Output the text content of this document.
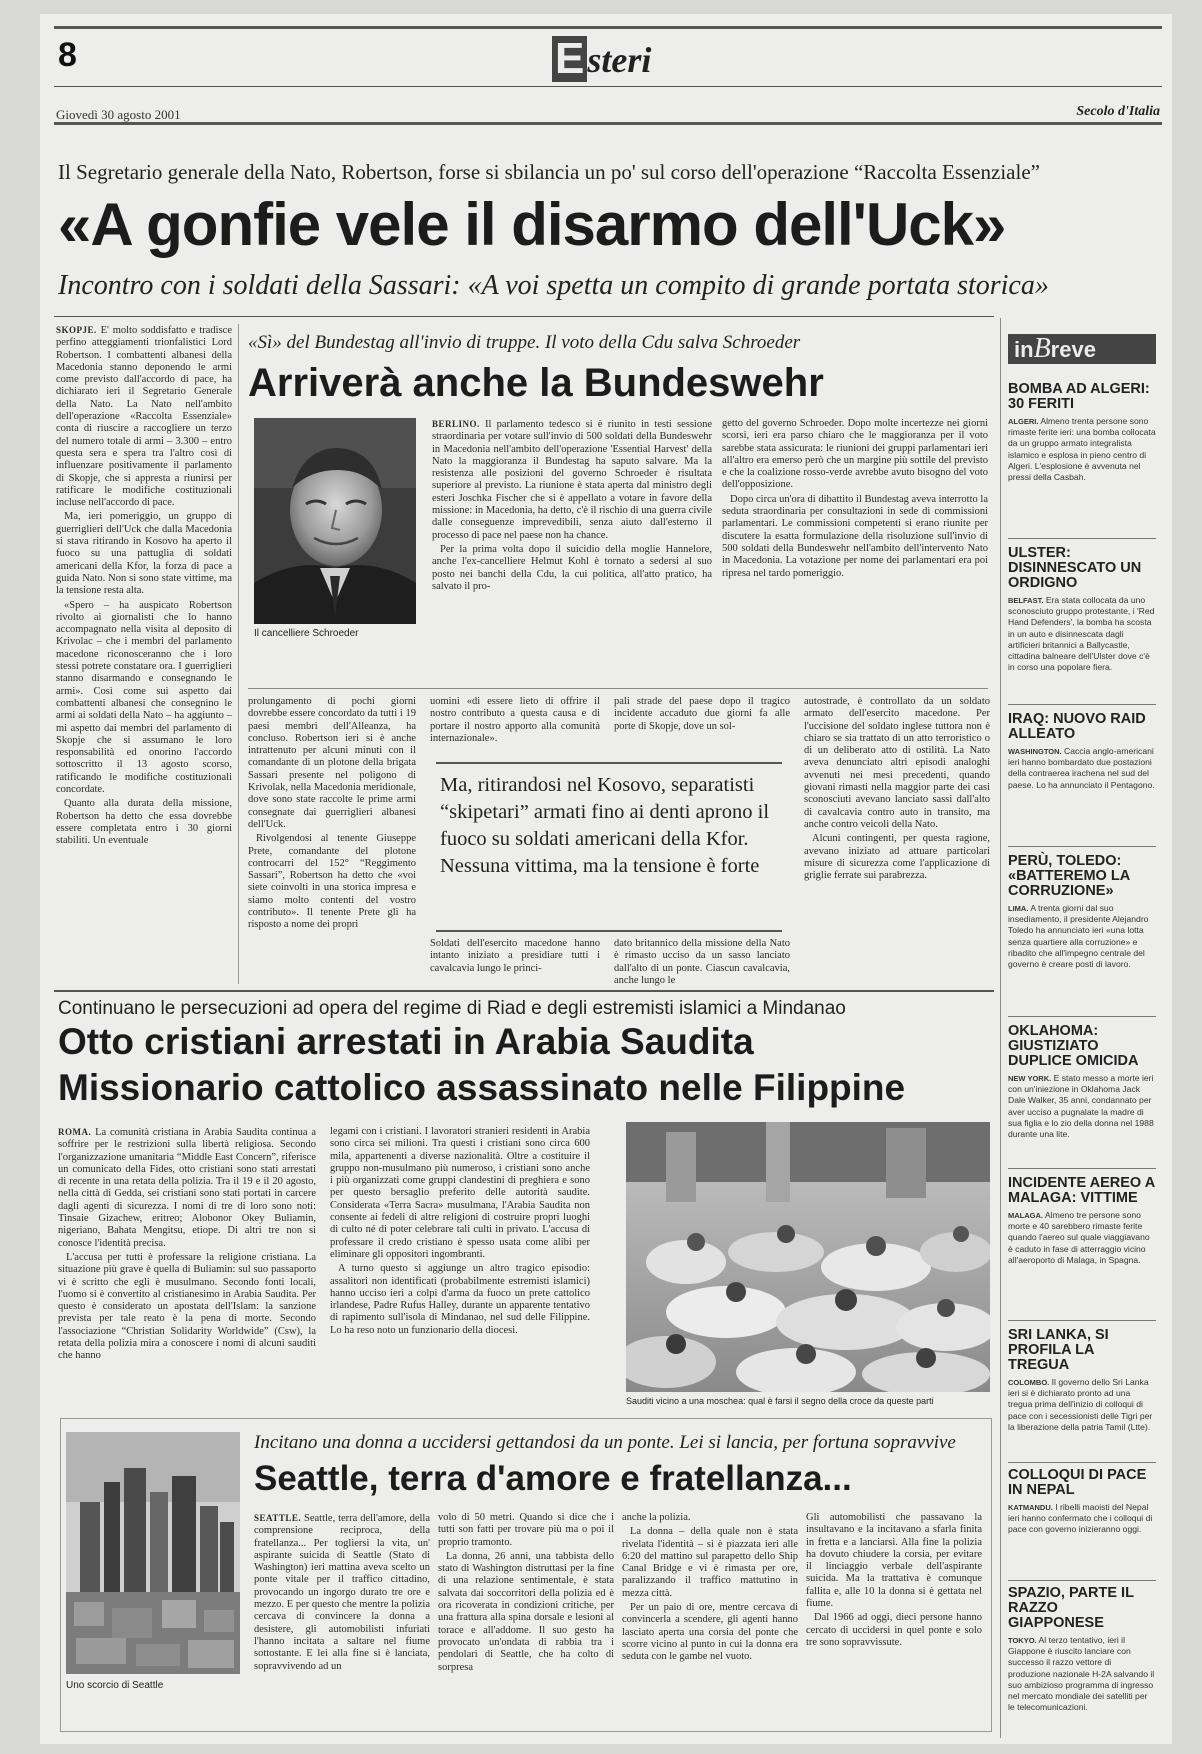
8	Esteri
Giovedì 30 agosto 2001	Secolo d'Italia
Il Segretario generale della Nato, Robertson, forse si sbilancia un po' sul corso dell'operazione “Raccolta Essenziale”
«A gonfie vele il disarmo dell'Uck»
Incontro con i soldati della Sassari: «A voi spetta un compito di grande portata storica»

SKOPJE. E' molto soddisfatto e tradisce perfino atteggiamenti trionfalistici Lord Robertson. I combattenti albanesi della Macedonia stanno deponendo le armi come previsto dall'accordo di pace, ha dichiarato ieri il Segretario Generale della Nato. La Nato nell'ambito dell'operazione «Raccolta Essenziale» conta di riuscire a raccogliere un terzo del numero totale di armi – 3.300 – entro questa sera e spera tra l'altro così di influenzare positivamente il parlamento di Skopje, che si appresta a riunirsi per ratificare le modifiche costituzionali incluse nell'accordo di pace.

Ma, ieri pomeriggio, un gruppo di guerriglieri dell'Uck che dalla Macedonia si stava ritirando in Kosovo ha aperto il fuoco su una pattuglia di soldati americani della Kfor, la forza di pace a guida Nato. Non si sono state vittime, ma la tensione resta alta.

«Spero – ha auspicato Robertson rivolto ai giornalisti che lo hanno accompagnato nella visita al deposito di Krivolac – che i membri del parlamento macedone riconosceranno che i loro stessi potrete constatare ora. I guerriglieri stanno disarmando e consegnando le armi». Così come sui aspetto dai combattenti albanesi che consegnino le armi ai soldati della Nato – ha aggiunto – mi aspetto dai membri del parlamento di Skopje che si assumano le loro responsabilità ed onorino l'accordo sottoscritto il 13 agosto scorso, ratificando le modifiche costituzionali concordate.

Quanto alla durata della missione, Robertson ha detto che essa dovrebbe essere completata entro i 30 giorni stabiliti. Un eventuale

«Sì» del Bundestag all'invio di truppe. Il voto della Cdu salva Schroeder
Arriverà anche la Bundeswehr
Il cancelliere Schroeder

BERLINO. Il parlamento tedesco si è riunito in testi sessione straordinaria per votare sull'invio di 500 soldati della Bundeswehr in Macedonia nell'ambito dell'operazione 'Essential Harvest' della Nato la maggioranza il Bundestag ha saputo salvare. Ma la resistenza alle posizioni del governo Schroeder è risultata superiore al previsto. La riunione è stata aperta dal ministro degli esteri Joschka Fischer che si è appellato a votare in favore della missione: in Macedonia, ha detto, c'è il rischio di una guerra civile dalle conseguenze imprevedibili, senza aiuto dall'esterno il processo di pace nel paese non ha chance.

Per la prima volta dopo il suicidio della moglie Hannelore, anche l'ex-cancelliere Helmut Kohl è tornato a sedersi al suo posto nei banchi della Cdu, la cui politica, all'atto pratico, ha salvato il pro-

getto del governo Schroeder. Dopo molte incertezze nei giorni scorsi, ieri era parso chiaro che le maggioranza per il voto sarebbe stata assicurata: le riunioni dei gruppi parlamentari ieri all'altro era emerso però che un margine più sottile del previsto e che la coalizione rosso-verde avrebbe avuto bisogno del voto dell'opposizione.

Dopo circa un'ora di dibattito il Bundestag aveva interrotto la seduta straordinaria per consultazioni in sede di commissioni parlamentari. Le commissioni competenti si erano riunite per discutere la esatta formulazione della risoluzione sull'invio di 500 soldati della Bundeswehr nell'ambito dell'intervento Nato in Macedonia. La votazione per nome dei parlamentari era poi ripresa nel tardo pomeriggio.

prolungamento di pochi giorni dovrebbe essere concordato da tutti i 19 paesi membri dell'Alleanza, ha concluso. Robertson ieri si è anche intrattenuto per alcuni minuti con il comandante di un plotone della brigata Sassari presente nel poligono di Krivolak, nella Macedonia meridionale, dove sono state raccolte le prime armi consegnate dai guerriglieri albanesi dell'Uck.

Rivolgendosi al tenente Giuseppe Prete, comandante del plotone controcarri del 152° “Reggimento Sassari”, Robertson ha detto che «voi siete coinvolti in una storica impresa e siamo molto contenti del vostro contributo». Il tenente Prete gli ha risposto a nome dei propri

uomini «di essere lieto di offrire il nostro contributo a questa causa e di portare il nostro apporto alla comunità internazionale».

pali strade del paese dopo il tragico incidente accaduto due giorni fa alle porte di Skopje, dove un sol-

Ma, ritirandosi nel Kosovo, separatisti “skipetari” armati fino ai denti aprono il fuoco su soldati americani della Kfor. Nessuna vittima, ma la tensione è forte

Soldati dell'esercito macedone hanno intanto iniziato a presidiare tutti i cavalcavia lungo le princi-

dato britannico della missione della Nato è rimasto ucciso da un sasso lanciato dall'alto di un ponte. Ciascun cavalcavia, anche lungo le

autostrade, è controllato da un soldato armato dell'esercito macedone. Per l'uccisione del soldato inglese tuttora non è chiaro se sia trattato di un atto terroristico o di un deliberato atto di ostilità. La Nato aveva denunciato altri episodi analoghi avvenuti nei mesi precedenti, quando giovani rimasti nella maggior parte dei casi sconosciuti avevano lanciato sassi dall'alto di cavalcavia contro auto in transito, ma anche contro veicoli della Nato.

Alcuni contingenti, per questa ragione, avevano iniziato ad attuare particolari misure di sicurezza come l'applicazione di griglie ferrate sui parabrezza.

Continuano le persecuzioni ad opera del regime di Riad e degli estremisti islamici a Mindanao
Otto cristiani arrestati in Arabia Saudita
Missionario cattolico assassinato nelle Filippine

ROMA. La comunità cristiana in Arabia Saudita continua a soffrire per le restrizioni sulla libertà religiosa. Secondo l'organizzazione umanitaria “Middle East Concern”, riferisce un comunicato della Fides, otto cristiani sono stati arrestati di recente in una retata della polizia. Tra il 19 e il 20 agosto, nella città di Gedda, sei cristiani sono stati portati in carcere dagli agenti di sicurezza. I nomi di tre di loro sono noti: Tinsaie Gizachew, eritreo; Alobonor Okey Buliamin, nigeriano, Bahata Mengitsu, etiope. Di altri tre non si conosce l'identità precisa.

L'accusa per tutti è professare la religione cristiana. La situazione più grave è quella di Buliamin: sul suo passaporto vi è scritto che egli è musulmano. Secondo fonti locali, l'uomo si è convertito al cristianesimo in Arabia Saudita. Per questo è considerato un apostata dell'Islam: la sanzione prevista per tale reato è la pena di morte. Secondo l'associazione “Christian Solidarity Worldwide” (Csw), la retata della polizia mira a conoscere i nomi di alcuni sauditi che hanno

legami con i cristiani. I lavoratori stranieri residenti in Arabia sono circa sei milioni. Tra questi i cristiani sono circa 600 mila, appartenenti a diverse nazionalità. Oltre a costituire il gruppo non-musulmano più numeroso, i cristiani sono anche i più organizzati come gruppi clandestini di preghiera e sono per questo bersaglio preferito delle autorità saudite. Considerata «Terra Sacra» musulmana, l'Arabia Saudita non consente ai fedeli di altre religioni di costruire propri luoghi di culto né di poter celebrare tali culti in privato. L'accusa di professare il credo cristiano è spesso usata come alibi per eliminare gli oppositori ingombranti.

A turno questo si aggiunge un altro tragico episodio: assalitori non identificati (probabilmente estremisti islamici) hanno ucciso ieri a colpi d'arma da fuoco un prete cattolico irlandese, Padre Rufus Halley, durante un apparente tentativo di rapimento sull'isola di Mindanao, nel sud delle Filippine. Lo ha reso noto un funzionario della diocesi.

Sauditi vicino a una moschea: qual è farsi il segno della croce da queste parti
Uno scorcio di Seattle
Incitano una donna a uccidersi gettandosi da un ponte. Lei si lancia, per fortuna sopravvive
Seattle, terra d'amore e fratellanza...

SEATTLE. Seattle, terra dell'amore, della comprensione reciproca, della fratellanza... Per togliersi la vita, un' aspirante suicida di Seattle (Stato di Washington) ieri mattina aveva scelto un ponte vitale per il traffico cittadino, provocando un ingorgo durato tre ore e mezzo. E per questo che mentre la polizia cercava di convincere la donna a desistere, gli automobilisti infuriati l'hanno incitata a saltare nel fiume sottostante. E lei alla fine si è lanciata, sopravvivendo ad un

volo di 50 metri. Quando si dice che i tutti son fatti per trovare più ma o poi il proprio tramonto.

La donna, 26 anni, una tabbista dello stato di Washington distruttasi per la fine di una relazione sentimentale, è stata salvata dai soccorritori della polizia ed è ora ricoverata in condizioni critiche, per una frattura alla spina dorsale e lesioni al torace e all'addome. Il suo gesto ha provocato un'ondata di rabbia tra i pendolari di Seattle, che ha colto di sorpresa

anche la polizia.

La donna – della quale non è stata rivelata l'identità – si è piazzata ieri alle 6:20 del mattino sul parapetto dello Ship Canal Bridge e vi è rimasta per ore, paralizzando il traffico mattutino in mezza città.

Per un paio di ore, mentre cercava di convincerla a scendere, gli agenti hanno lasciato aperta una corsia del ponte che scorre vicino al punto in cui la donna era seduta con le gambe nel vuoto.

Gli automobilisti che passavano la insultavano e la incitavano a sfarla finita in fretta e a lanciarsi. Alla fine la polizia ha dovuto chiudere la corsia, per evitare il linciaggio verbale dell'aspirante suicida. Ma la trattativa è comunque fallita e, alle 10 la donna si è gettata nel fiume.

Dal 1966 ad oggi, dieci persone hanno cercato di uccidersi in quel ponte e solo tre sono sopravvissute.

inBreve
BOMBA AD ALGERI: 30 FERITI
ALGERI. Almeno trenta persone sono rimaste ferite ieri: una bomba collocata da un gruppo armato integralista islamico e esplosa in pieno centro di Algeri. L'esplosione è avvenuta nel pressi della Casbah.
ULSTER: DISINNESCATO UN ORDIGNO
BELFAST. Era stata collocata da uno sconosciuto gruppo protestante, i 'Red Hand Defenders', la bomba ha scosta in un auto e disinnescata dagli artificieri britannici a Ballycastle, cittadina balneare dell'Ulster dove c'è in corso una popolare fiera.
IRAQ: NUOVO RAID ALLEATO
WASHINGTON. Caccia anglo-americani ieri hanno bombardato due postazioni della contraerea irachena nel sud del paese. Lo ha annunciato il Pentagono.
PERÙ, TOLEDO: «BATTEREMO LA CORRUZIONE»
LIMA. A trenta giorni dal suo insediamento, il presidente Alejandro Toledo ha annunciato ieri «una lotta senza quartiere alla corruzione» e ribadito che all'impegno centrale del governo è creare posti di lavoro.
OKLAHOMA: GIUSTIZIATO DUPLICE OMICIDA
NEW YORK. E stato messo a morte ieri con un'iniezione in Oklahoma Jack Dale Walker, 35 anni, condannato per aver ucciso a pugnalate la madre di sua figlia e lo zio della donna nel 1988 durante una lite.
INCIDENTE AEREO A MALAGA: VITTIME
MALAGA. Almeno tre persone sono morte e 40 sarebbero rimaste ferite quando l'aereo sul quale viaggiavano è caduto in fase di atterraggio vicino all'aeroporto di Malaga, in Spagna.
SRI LANKA, SI PROFILA LA TREGUA
COLOMBO. Il governo dello Sri Lanka ieri si è dichiarato pronto ad una tregua prima dell'inizio di colloqui di pace con i secessionisti delle Tigri per la liberazione della patria Tamil (Ltte).
COLLOQUI DI PACE IN NEPAL
KATMANDU. I ribelli maoisti del Nepal ieri hanno confermato che i colloqui di pace con governo inizieranno oggi.
SPAZIO, PARTE IL RAZZO GIAPPONESE
TOKYO. Al terzo tentativo, ieri il Giappone è riuscito lanciare con successo il razzo vettore di produzione nazionale H-2A salvando il suo ambizioso programma di ingresso nel mercato mondiale dei satelliti per le telecomunicazioni.
